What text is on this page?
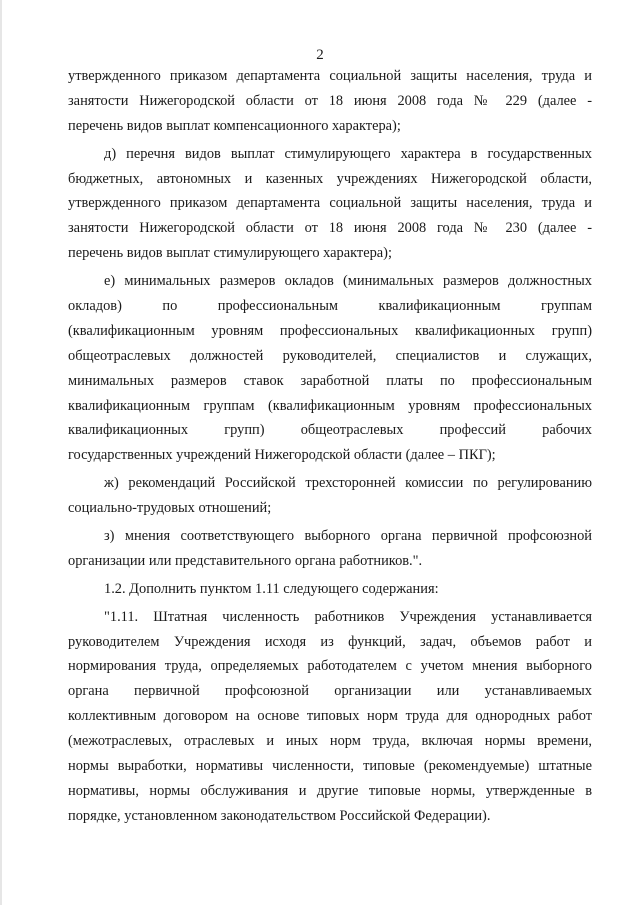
2
утвержденного приказом департамента социальной защиты населения, труда и
занятости Нижегородской области от 18 июня 2008 года № 229 (далее -
перечень видов выплат компенсационного характера);
д) перечня видов выплат стимулирующего характера в государственных
бюджетных, автономных и казенных учреждениях Нижегородской области,
утвержденного приказом департамента социальной защиты населения, труда и
занятости Нижегородской области от 18 июня 2008 года № 230 (далее -
перечень видов выплат стимулирующего характера);
е) минимальных размеров окладов (минимальных размеров должностных
окладов) по профессиональным квалификационным группам
(квалификационным уровням профессиональных квалификационных групп)
общеотраслевых должностей руководителей, специалистов и служащих,
минимальных размеров ставок заработной платы по профессиональным
квалификационным группам (квалификационным уровням профессиональных
квалификационных групп) общеотраслевых профессий рабочих
государственных учреждений Нижегородской области (далее – ПКГ);
ж) рекомендаций Российской трехсторонней комиссии по регулированию
социально-трудовых отношений;
з) мнения соответствующего выборного органа первичной профсоюзной
организации или представительного органа работников.".
1.2. Дополнить пунктом 1.11 следующего содержания:
"1.11. Штатная численность работников Учреждения устанавливается
руководителем Учреждения исходя из функций, задач, объемов работ и
нормирования труда, определяемых работодателем с учетом мнения выборного
органа первичной профсоюзной организации или устанавливаемых
коллективным договором на основе типовых норм труда для однородных работ
(межотраслевых, отраслевых и иных норм труда, включая нормы времени,
нормы выработки, нормативы численности, типовые (рекомендуемые) штатные
нормативы, нормы обслуживания и другие типовые нормы, утвержденные в
порядке, установленном законодательством Российской Федерации).
